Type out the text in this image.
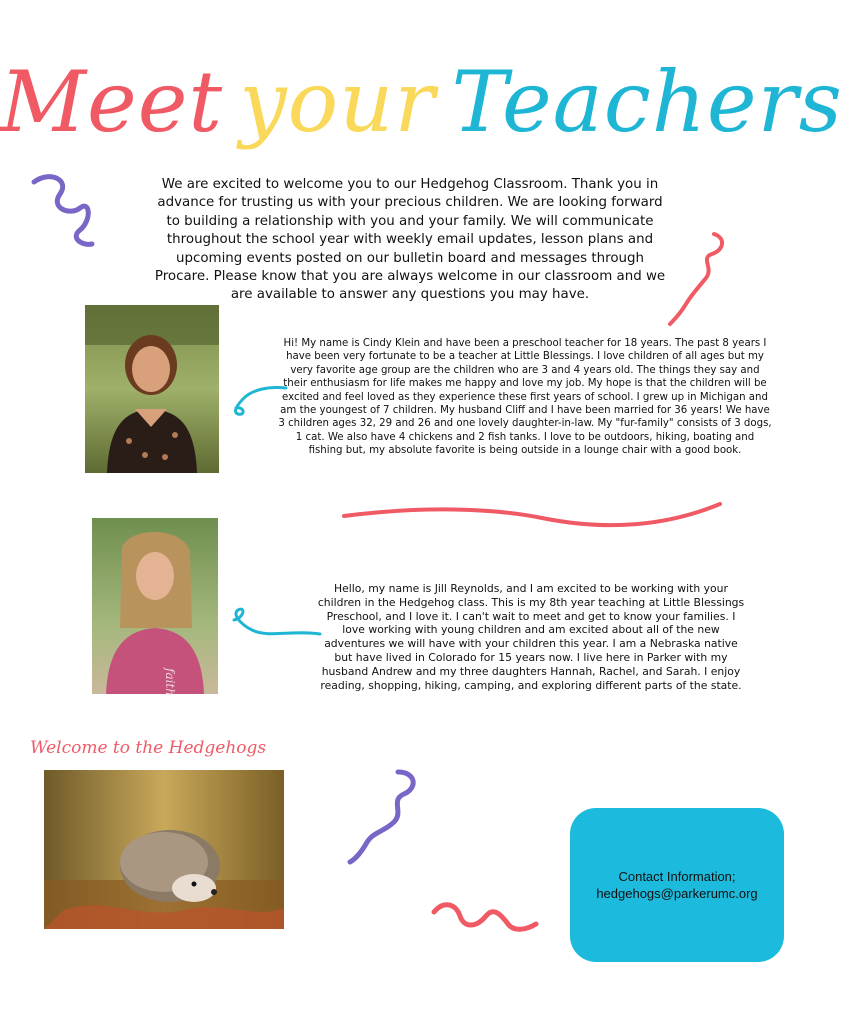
Meet your Teachers
We are excited to welcome you to our Hedgehog Classroom. Thank you in advance for trusting us with your precious children. We are looking forward to building a relationship with you and your family. We will communicate throughout the school year with weekly email updates, lesson plans and upcoming events posted on our bulletin board and messages through Procare. Please know that you are always welcome in our classroom and we are available to answer any questions you may have.
Hi! My name is Cindy Klein and have been a preschool teacher for 18 years. The past 8 years I have been very fortunate to be a teacher at Little Blessings. I love children of all ages but my very favorite age group are the children who are 3 and 4 years old. The things they say and their enthusiasm for life makes me happy and love my job. My hope is that the children will be excited and feel loved as they experience these first years of school. I grew up in Michigan and am the youngest of 7 children. My husband Cliff and I have been married for 36 years! We have 3 children ages 32, 29 and 26 and one lovely daughter-in-law. My "fur-family" consists of 3 dogs, 1 cat. We also have 4 chickens and 2 fish tanks. I love to be outdoors, hiking, boating and fishing but, my absolute favorite is being outside in a lounge chair with a good book.
faith
Hello, my name is Jill Reynolds, and I am excited to be working with your children in the Hedgehog class. This is my 8th year teaching at Little Blessings Preschool, and I love it. I can't wait to meet and get to know your families. I love working with young children and am excited about all of the new adventures we will have with your children this year. I am a Nebraska native but have lived in Colorado for 15 years now. I live here in Parker with my husband Andrew and my three daughters Hannah, Rachel, and Sarah. I enjoy reading, shopping, hiking, camping, and exploring different parts of the state.
Welcome to the Hedgehogs
Contact Information;
hedgehogs@parkerumc.org
